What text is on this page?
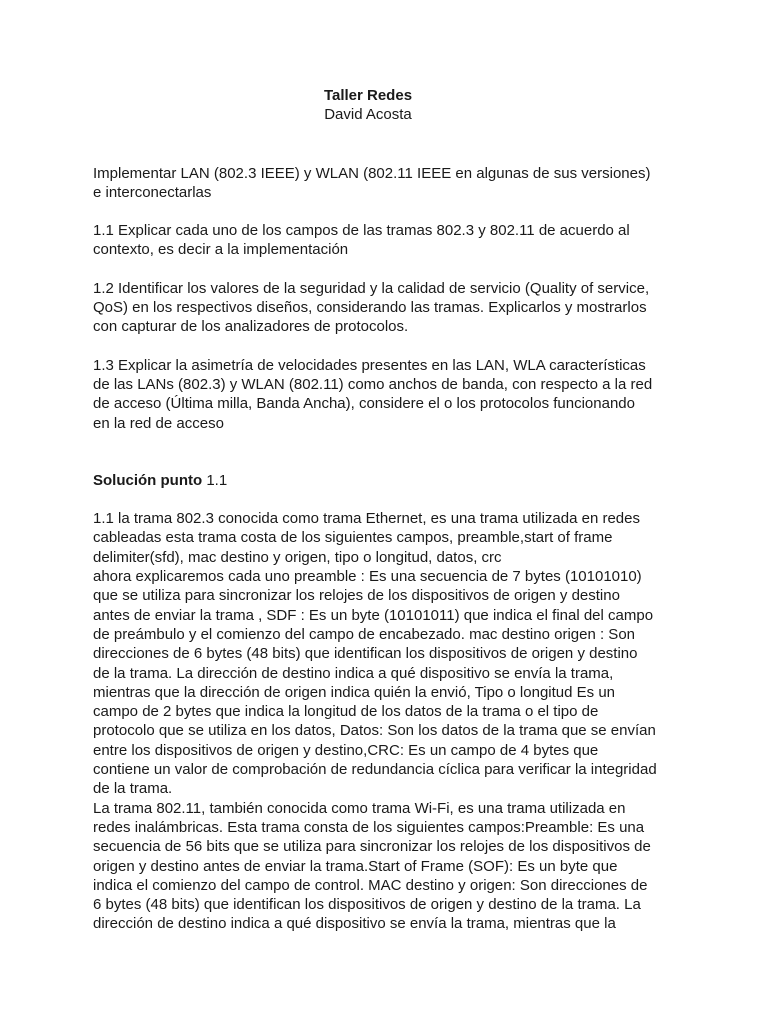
Taller Redes
David Acosta

Implementar LAN (802.3 IEEE) y WLAN (802.11 IEEE en algunas de sus versiones)
e interconectarlas

1.1 Explicar cada uno de los campos de las tramas 802.3 y 802.11 de acuerdo al
contexto, es decir a la implementación

1.2 Identificar los valores de la seguridad y la calidad de servicio (Quality of service,
QoS) en los respectivos diseños, considerando las tramas. Explicarlos y mostrarlos
con capturar de los analizadores de protocolos.

1.3 Explicar la asimetría de velocidades presentes en las LAN, WLA características
de las LANs (802.3) y WLAN (802.11) como anchos de banda, con respecto a la red
de acceso (Última milla, Banda Ancha), considere el o los protocolos funcionando
en la red de acceso

Solución punto 1.1

1.1 la trama 802.3 conocida como trama Ethernet, es una trama utilizada en redes
cableadas esta trama costa de los siguientes campos, preamble,start of frame
delimiter(sfd), mac destino y origen, tipo o longitud, datos, crc
ahora explicaremos cada uno preamble : Es una secuencia de 7 bytes (10101010)
que se utiliza para sincronizar los relojes de los dispositivos de origen y destino
antes de enviar la trama , SDF : Es un byte (10101011) que indica el final del campo
de preámbulo y el comienzo del campo de encabezado. mac destino origen : Son
direcciones de 6 bytes (48 bits) que identifican los dispositivos de origen y destino
de la trama. La dirección de destino indica a qué dispositivo se envía la trama,
mientras que la dirección de origen indica quién la envió, Tipo o longitud Es un
campo de 2 bytes que indica la longitud de los datos de la trama o el tipo de
protocolo que se utiliza en los datos, Datos: Son los datos de la trama que se envían
entre los dispositivos de origen y destino,CRC: Es un campo de 4 bytes que
contiene un valor de comprobación de redundancia cíclica para verificar la integridad
de la trama.
La trama 802.11, también conocida como trama Wi-Fi, es una trama utilizada en
redes inalámbricas. Esta trama consta de los siguientes campos:Preamble: Es una
secuencia de 56 bits que se utiliza para sincronizar los relojes de los dispositivos de
origen y destino antes de enviar la trama.Start of Frame (SOF): Es un byte que
indica el comienzo del campo de control. MAC destino y origen: Son direcciones de
6 bytes (48 bits) que identifican los dispositivos de origen y destino de la trama. La
dirección de destino indica a qué dispositivo se envía la trama, mientras que la
